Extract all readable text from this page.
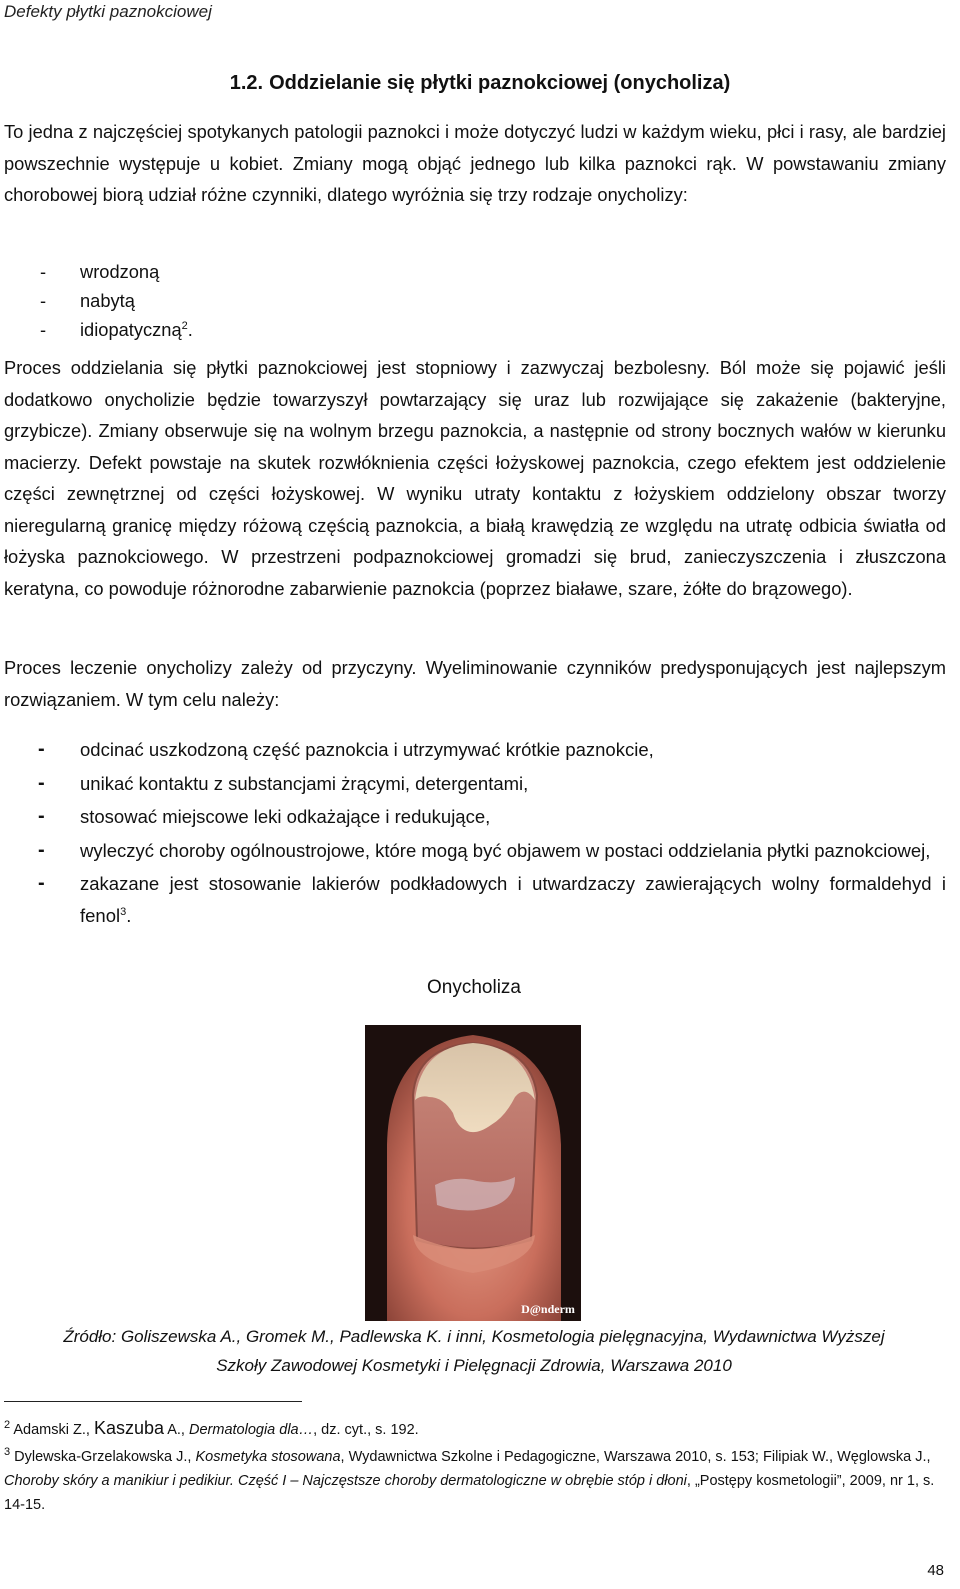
Defekty płytki paznokciowej
1.2. Oddzielanie się płytki paznokciowej (onycholiza)

To jedna z najczęściej spotykanych patologii paznokci i może dotyczyć ludzi w każdym wieku, płci i rasy, ale bardziej powszechnie występuje u kobiet. Zmiany mogą objąć jednego lub kilka paznokci rąk. W powstawaniu zmiany chorobowej biorą udział różne czynniki, dlatego wyróżnia się trzy rodzaje onycholizy:

- wrodzoną
- nabytą
- idiopatyczną$^2$.

Proces oddzielania się płytki paznokciowej jest stopniowy i zazwyczaj bezbolesny. Ból może się pojawić jeśli dodatkowo onycholizie będzie towarzyszył powtarzający się uraz lub rozwijające się zakażenie (bakteryjne, grzybicze). Zmiany obserwuje się na wolnym brzegu paznokcia, a następnie od strony bocznych wałów w kierunku macierzy. Defekt powstaje na skutek rozwłóknienia części łożyskowej paznokcia, czego efektem jest oddzielenie części zewnętrznej od części łożyskowej. W wyniku utraty kontaktu z łożyskiem oddzielony obszar tworzy nieregularną granicę między różową częścią paznokcia, a białą krawędzią ze względu na utratę odbicia światła od łożyska paznokciowego. W przestrzeni podpaznokciowej gromadzi się brud, zanieczyszczenia i złuszczona keratyna, co powoduje różnorodne zabarwienie paznokcia (poprzez białawe, szare, żółte do brązowego).

Proces leczenie onycholizy zależy od przyczyny. Wyeliminowanie czynników predysponujących jest najlepszym rozwiązaniem. W tym celu należy:

- odcinać uszkodzoną część paznokcia i utrzymywać krótkie paznokcie,
- unikać kontaktu z substancjami żrącymi, detergentami,
- stosować miejscowe leki odkażające i redukujące,
- wyleczyć choroby ogólnoustrojowe, które mogą być objawem w postaci oddzielania płytki paznokciowej,
- zakazane jest stosowanie lakierów podkładowych i utwardzaczy zawierających wolny formaldehyd i fenol$^3$.
Onycholiza
D@nderm
Źródło: Goliszewska A., Gromek M., Padlewska K. i inni, Kosmetologia pielęgnacyjna, Wydawnictwa Wyższej
Szkoły Zawodowej Kosmetyki i Pielęgnacji Zdrowia, Warszawa 2010

$^2$ Adamski Z., Kaszuba A., Dermatologia dla…, dz. cyt., s. 192.

$^3$ Dylewska-Grzelakowska J., Kosmetyka stosowana, Wydawnictwa Szkolne i Pedagogiczne, Warszawa 2010, s. 153; Filipiak W., Węglowska J., Choroby skóry a manikiur i pedikiur. Część I – Najczęstsze choroby dermatologiczne w obrębie stóp i dłoni, „Postępy kosmetologii”, 2009, nr 1, s. 14-15.

48
